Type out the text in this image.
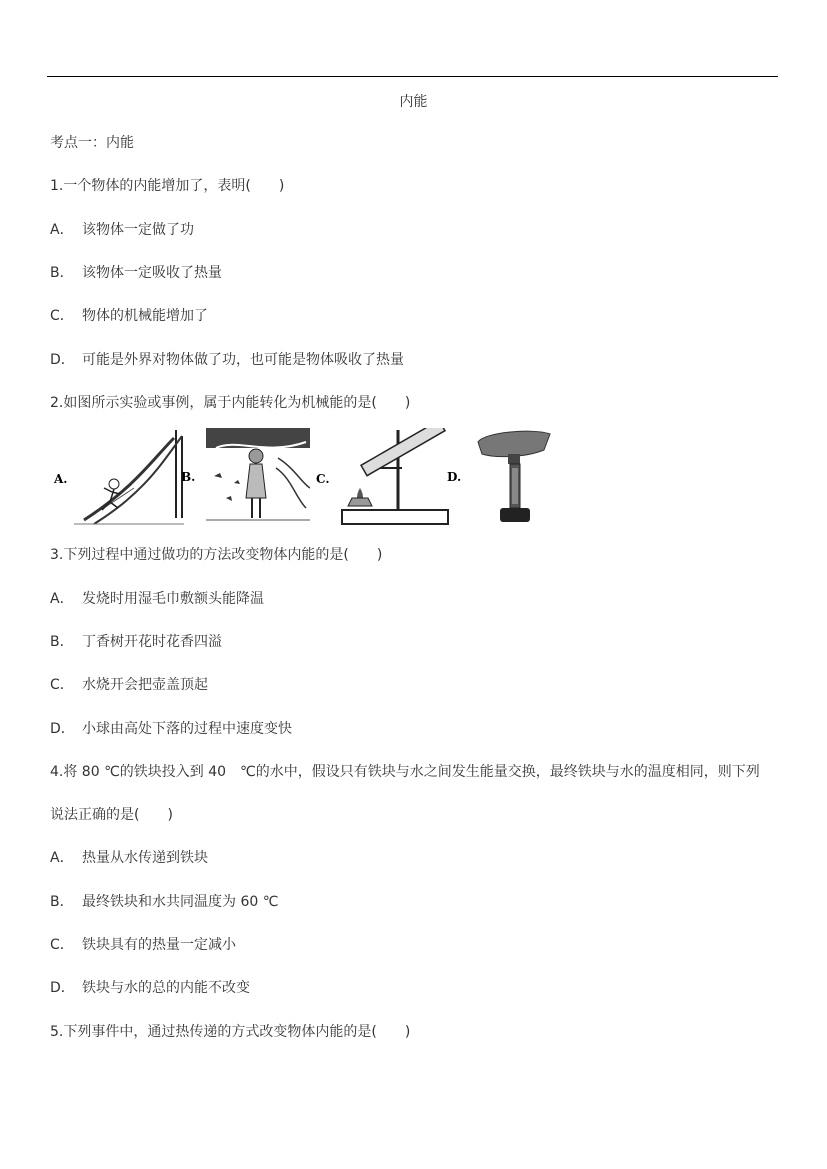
内能
考点一：内能
1.一个物体的内能增加了，表明(　　)
A． 该物体一定做了功
B． 该物体一定吸收了热量
C． 物体的机械能增加了
D． 可能是外界对物体做了功，也可能是物体吸收了热量
2.如图所示实验或事例，属于内能转化为机械能的是(　　)
A.	B.	C.	D.
3.下列过程中通过做功的方法改变物体内能的是(　　)
A． 发烧时用湿毛巾敷额头能降温
B． 丁香树开花时花香四溢
C． 水烧开会把壶盖顶起
D． 小球由高处下落的过程中速度变快
4.将 80 ℃的铁块投入到 40　℃的水中，假设只有铁块与水之间发生能量交换，最终铁块与水的温度相同，则下列
说法正确的是(　　)
A． 热量从水传递到铁块
B． 最终铁块和水共同温度为 60 ℃
C． 铁块具有的热量一定减小
D． 铁块与水的总的内能不改变
5.下列事件中，通过热传递的方式改变物体内能的是(　　)
